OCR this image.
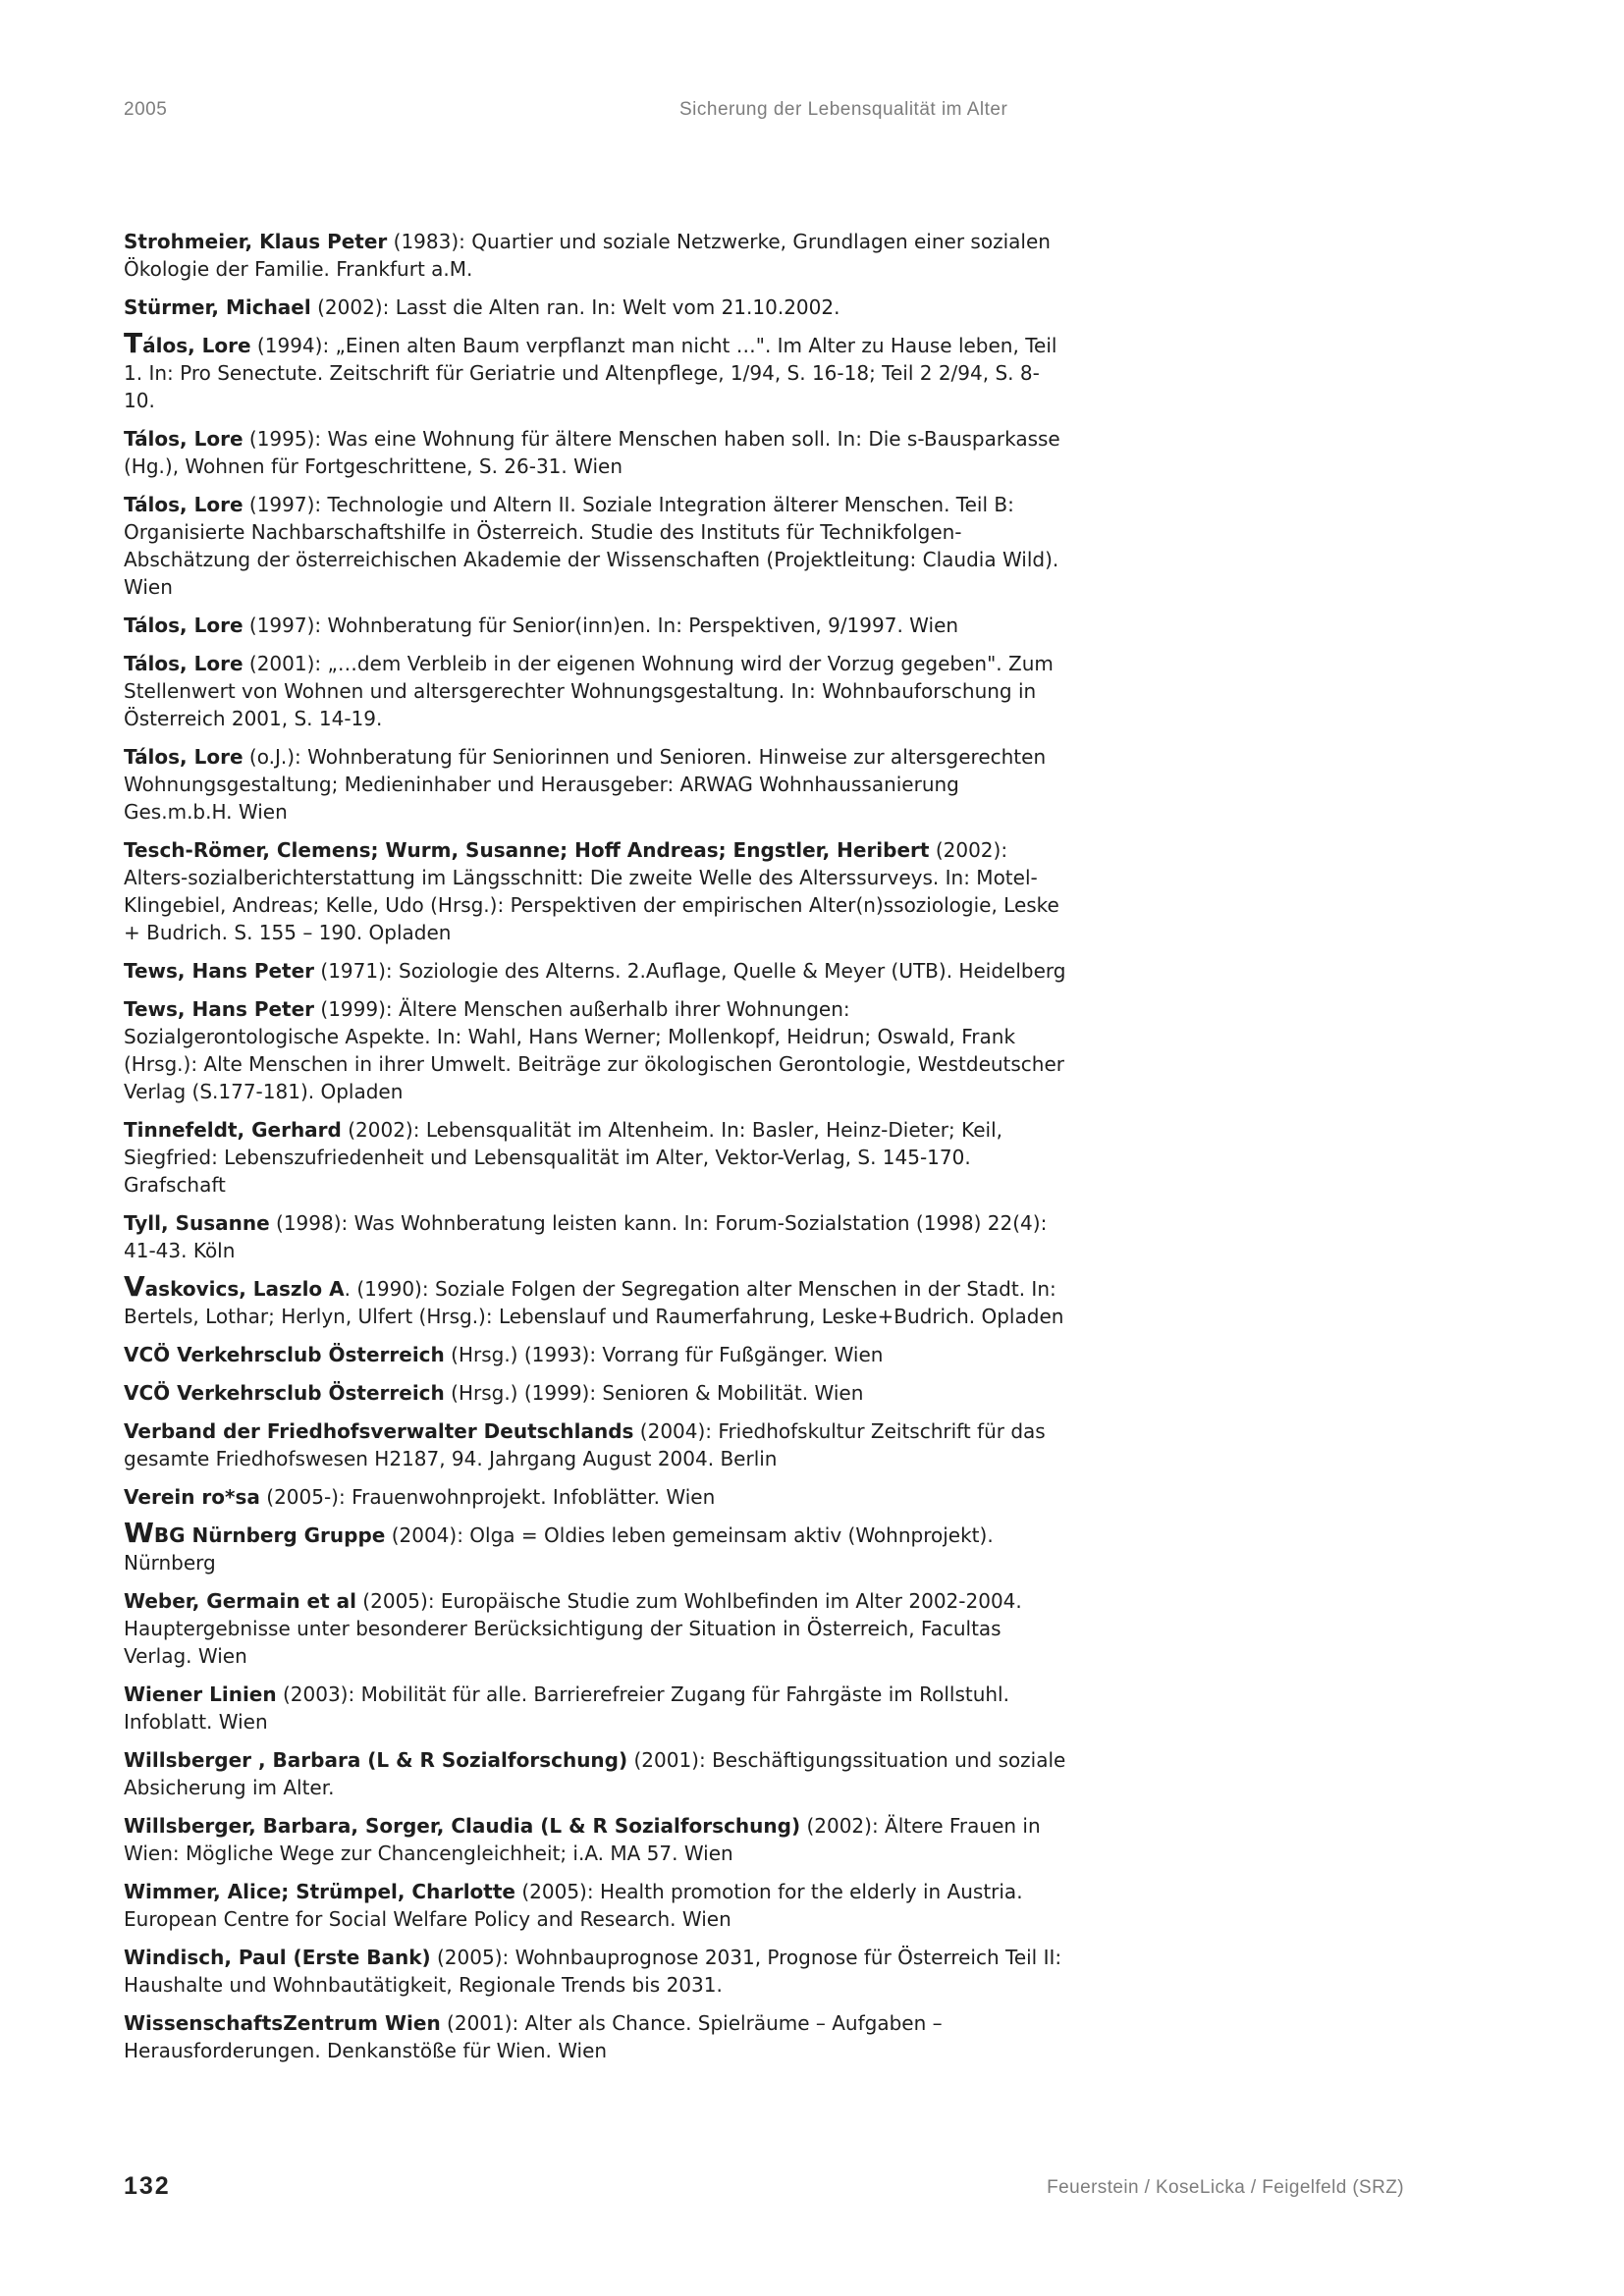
2005	Sicherung der Lebensqualität im Alter

Strohmeier, Klaus Peter (1983): Quartier und soziale Netzwerke, Grundlagen einer sozialen Ökologie der Familie. Frankfurt a.M.

Stürmer, Michael (2002): Lasst die Alten ran. In: Welt vom 21.10.2002.

Tálos, Lore (1994): „Einen alten Baum verpflanzt man nicht …". Im Alter zu Hause leben, Teil 1. In: Pro Senectute. Zeitschrift für Geriatrie und Altenpflege, 1/94, S. 16-18; Teil 2 2/94, S. 8-10.

Tálos, Lore (1995): Was eine Wohnung für ältere Menschen haben soll. In: Die s-Bausparkasse (Hg.), Wohnen für Fortgeschrittene, S. 26-31. Wien

Tálos, Lore (1997): Technologie und Altern II. Soziale Integration älterer Menschen. Teil B: Organisierte Nachbarschaftshilfe in Österreich. Studie des Instituts für Technikfolgen-Abschätzung der österreichischen Akademie der Wissenschaften (Projektleitung: Claudia Wild). Wien

Tálos, Lore (1997): Wohnberatung für Senior(inn)en. In: Perspektiven, 9/1997. Wien

Tálos, Lore (2001): „…dem Verbleib in der eigenen Wohnung wird der Vorzug gegeben". Zum Stellenwert von Wohnen und altersgerechter Wohnungsgestaltung. In: Wohnbauforschung in Österreich 2001, S. 14-19.

Tálos, Lore (o.J.): Wohnberatung für Seniorinnen und Senioren. Hinweise zur altersgerechten Wohnungsgestaltung; Medieninhaber und Herausgeber: ARWAG Wohnhaussanierung Ges.m.b.H. Wien

Tesch-Römer, Clemens; Wurm, Susanne; Hoff Andreas; Engstler, Heribert (2002): Alters-sozialberichterstattung im Längsschnitt: Die zweite Welle des Alterssurveys. In: Motel-Klingebiel, Andreas; Kelle, Udo (Hrsg.): Perspektiven der empirischen Alter(n)ssoziologie, Leske + Budrich. S. 155 – 190. Opladen

Tews, Hans Peter (1971): Soziologie des Alterns. 2.Auflage, Quelle & Meyer (UTB). Heidelberg

Tews, Hans Peter (1999): Ältere Menschen außerhalb ihrer Wohnungen: Sozialgerontologische Aspekte. In: Wahl, Hans Werner; Mollenkopf, Heidrun; Oswald, Frank (Hrsg.): Alte Menschen in ihrer Umwelt. Beiträge zur ökologischen Gerontologie, Westdeutscher Verlag (S.177-181). Opladen

Tinnefeldt, Gerhard (2002): Lebensqualität im Altenheim. In: Basler, Heinz-Dieter; Keil, Siegfried: Lebenszufriedenheit und Lebensqualität im Alter, Vektor-Verlag, S. 145-170. Grafschaft

Tyll, Susanne (1998): Was Wohnberatung leisten kann. In: Forum-Sozialstation (1998) 22(4): 41-43. Köln

Vaskovics, Laszlo A. (1990): Soziale Folgen der Segregation alter Menschen in der Stadt. In: Bertels, Lothar; Herlyn, Ulfert (Hrsg.): Lebenslauf und Raumerfahrung, Leske+Budrich. Opladen

VCÖ Verkehrsclub Österreich (Hrsg.) (1993): Vorrang für Fußgänger. Wien

VCÖ Verkehrsclub Österreich (Hrsg.) (1999): Senioren & Mobilität. Wien

Verband der Friedhofsverwalter Deutschlands (2004): Friedhofskultur Zeitschrift für das gesamte Friedhofswesen H2187, 94. Jahrgang August 2004. Berlin

Verein ro*sa (2005-): Frauenwohnprojekt. Infoblätter. Wien

WBG Nürnberg Gruppe (2004): Olga = Oldies leben gemeinsam aktiv (Wohnprojekt). Nürnberg

Weber, Germain et al (2005): Europäische Studie zum Wohlbefinden im Alter 2002-2004. Hauptergebnisse unter besonderer Berücksichtigung der Situation in Österreich, Facultas Verlag. Wien

Wiener Linien (2003): Mobilität für alle. Barrierefreier Zugang für Fahrgäste im Rollstuhl. Infoblatt. Wien

Willsberger , Barbara (L & R Sozialforschung) (2001): Beschäftigungssituation und soziale Absicherung im Alter.

Willsberger, Barbara, Sorger, Claudia (L & R Sozialforschung) (2002): Ältere Frauen in Wien: Mögliche Wege zur Chancengleichheit; i.A. MA 57. Wien

Wimmer, Alice; Strümpel, Charlotte (2005): Health promotion for the elderly in Austria. European Centre for Social Welfare Policy and Research. Wien

Windisch, Paul (Erste Bank) (2005): Wohnbauprognose 2031, Prognose für Österreich Teil II: Haushalte und Wohnbautätigkeit, Regionale Trends bis 2031.

WissenschaftsZentrum Wien (2001): Alter als Chance. Spielräume – Aufgaben – Herausforderungen. Denkanstöße für Wien. Wien

132	Feuerstein / KoseLicka / Feigelfeld (SRZ)
